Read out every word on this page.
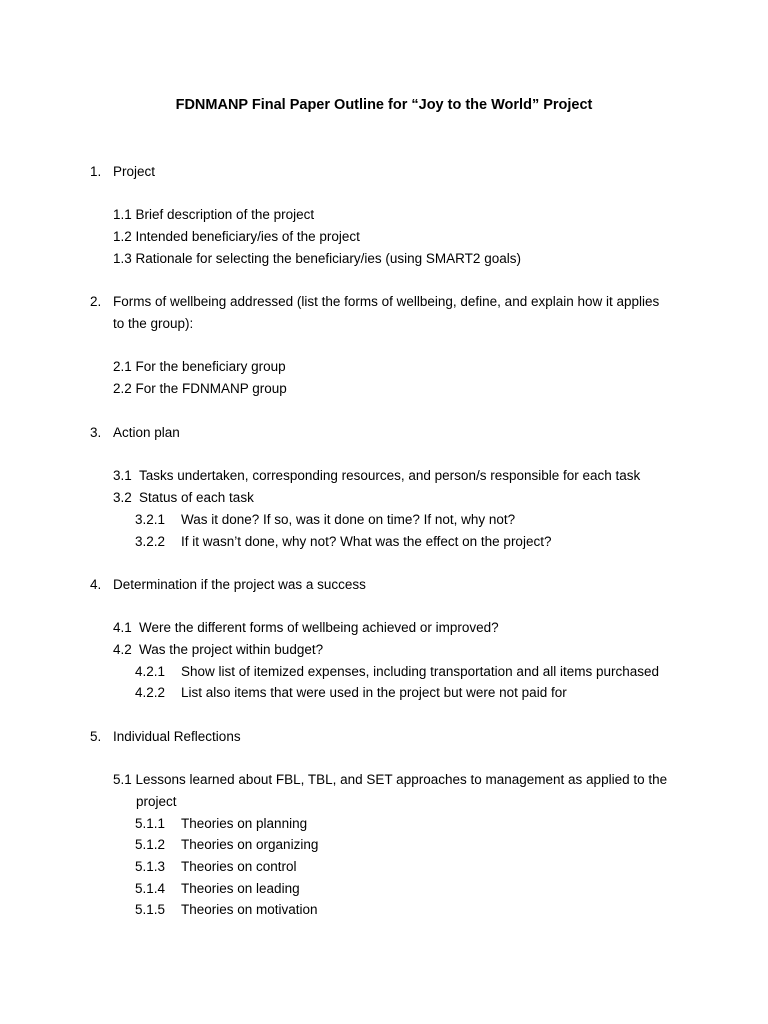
FDNMANP Final Paper Outline for “Joy to the World” Project
1. Project
1.1 Brief description of the project
1.2 Intended beneficiary/ies of the project
1.3 Rationale for selecting the beneficiary/ies (using SMART2 goals)
2. Forms of wellbeing addressed (list the forms of wellbeing, define, and explain how it applies
to the group):
2.1 For the beneficiary group
2.2 For the FDNMANP group
3. Action plan
3.1 Tasks undertaken, corresponding resources, and person/s responsible for each task
3.2 Status of each task
3.2.1 Was it done? If so, was it done on time? If not, why not?
3.2.2 If it wasn’t done, why not? What was the effect on the project?
4. Determination if the project was a success
4.1 Were the different forms of wellbeing achieved or improved?
4.2 Was the project within budget?
4.2.1 Show list of itemized expenses, including transportation and all items purchased
4.2.2 List also items that were used in the project but were not paid for
5. Individual Reflections
5.1 Lessons learned about FBL, TBL, and SET approaches to management as applied to the
project
5.1.1 Theories on planning
5.1.2 Theories on organizing
5.1.3 Theories on control
5.1.4 Theories on leading
5.1.5 Theories on motivation
